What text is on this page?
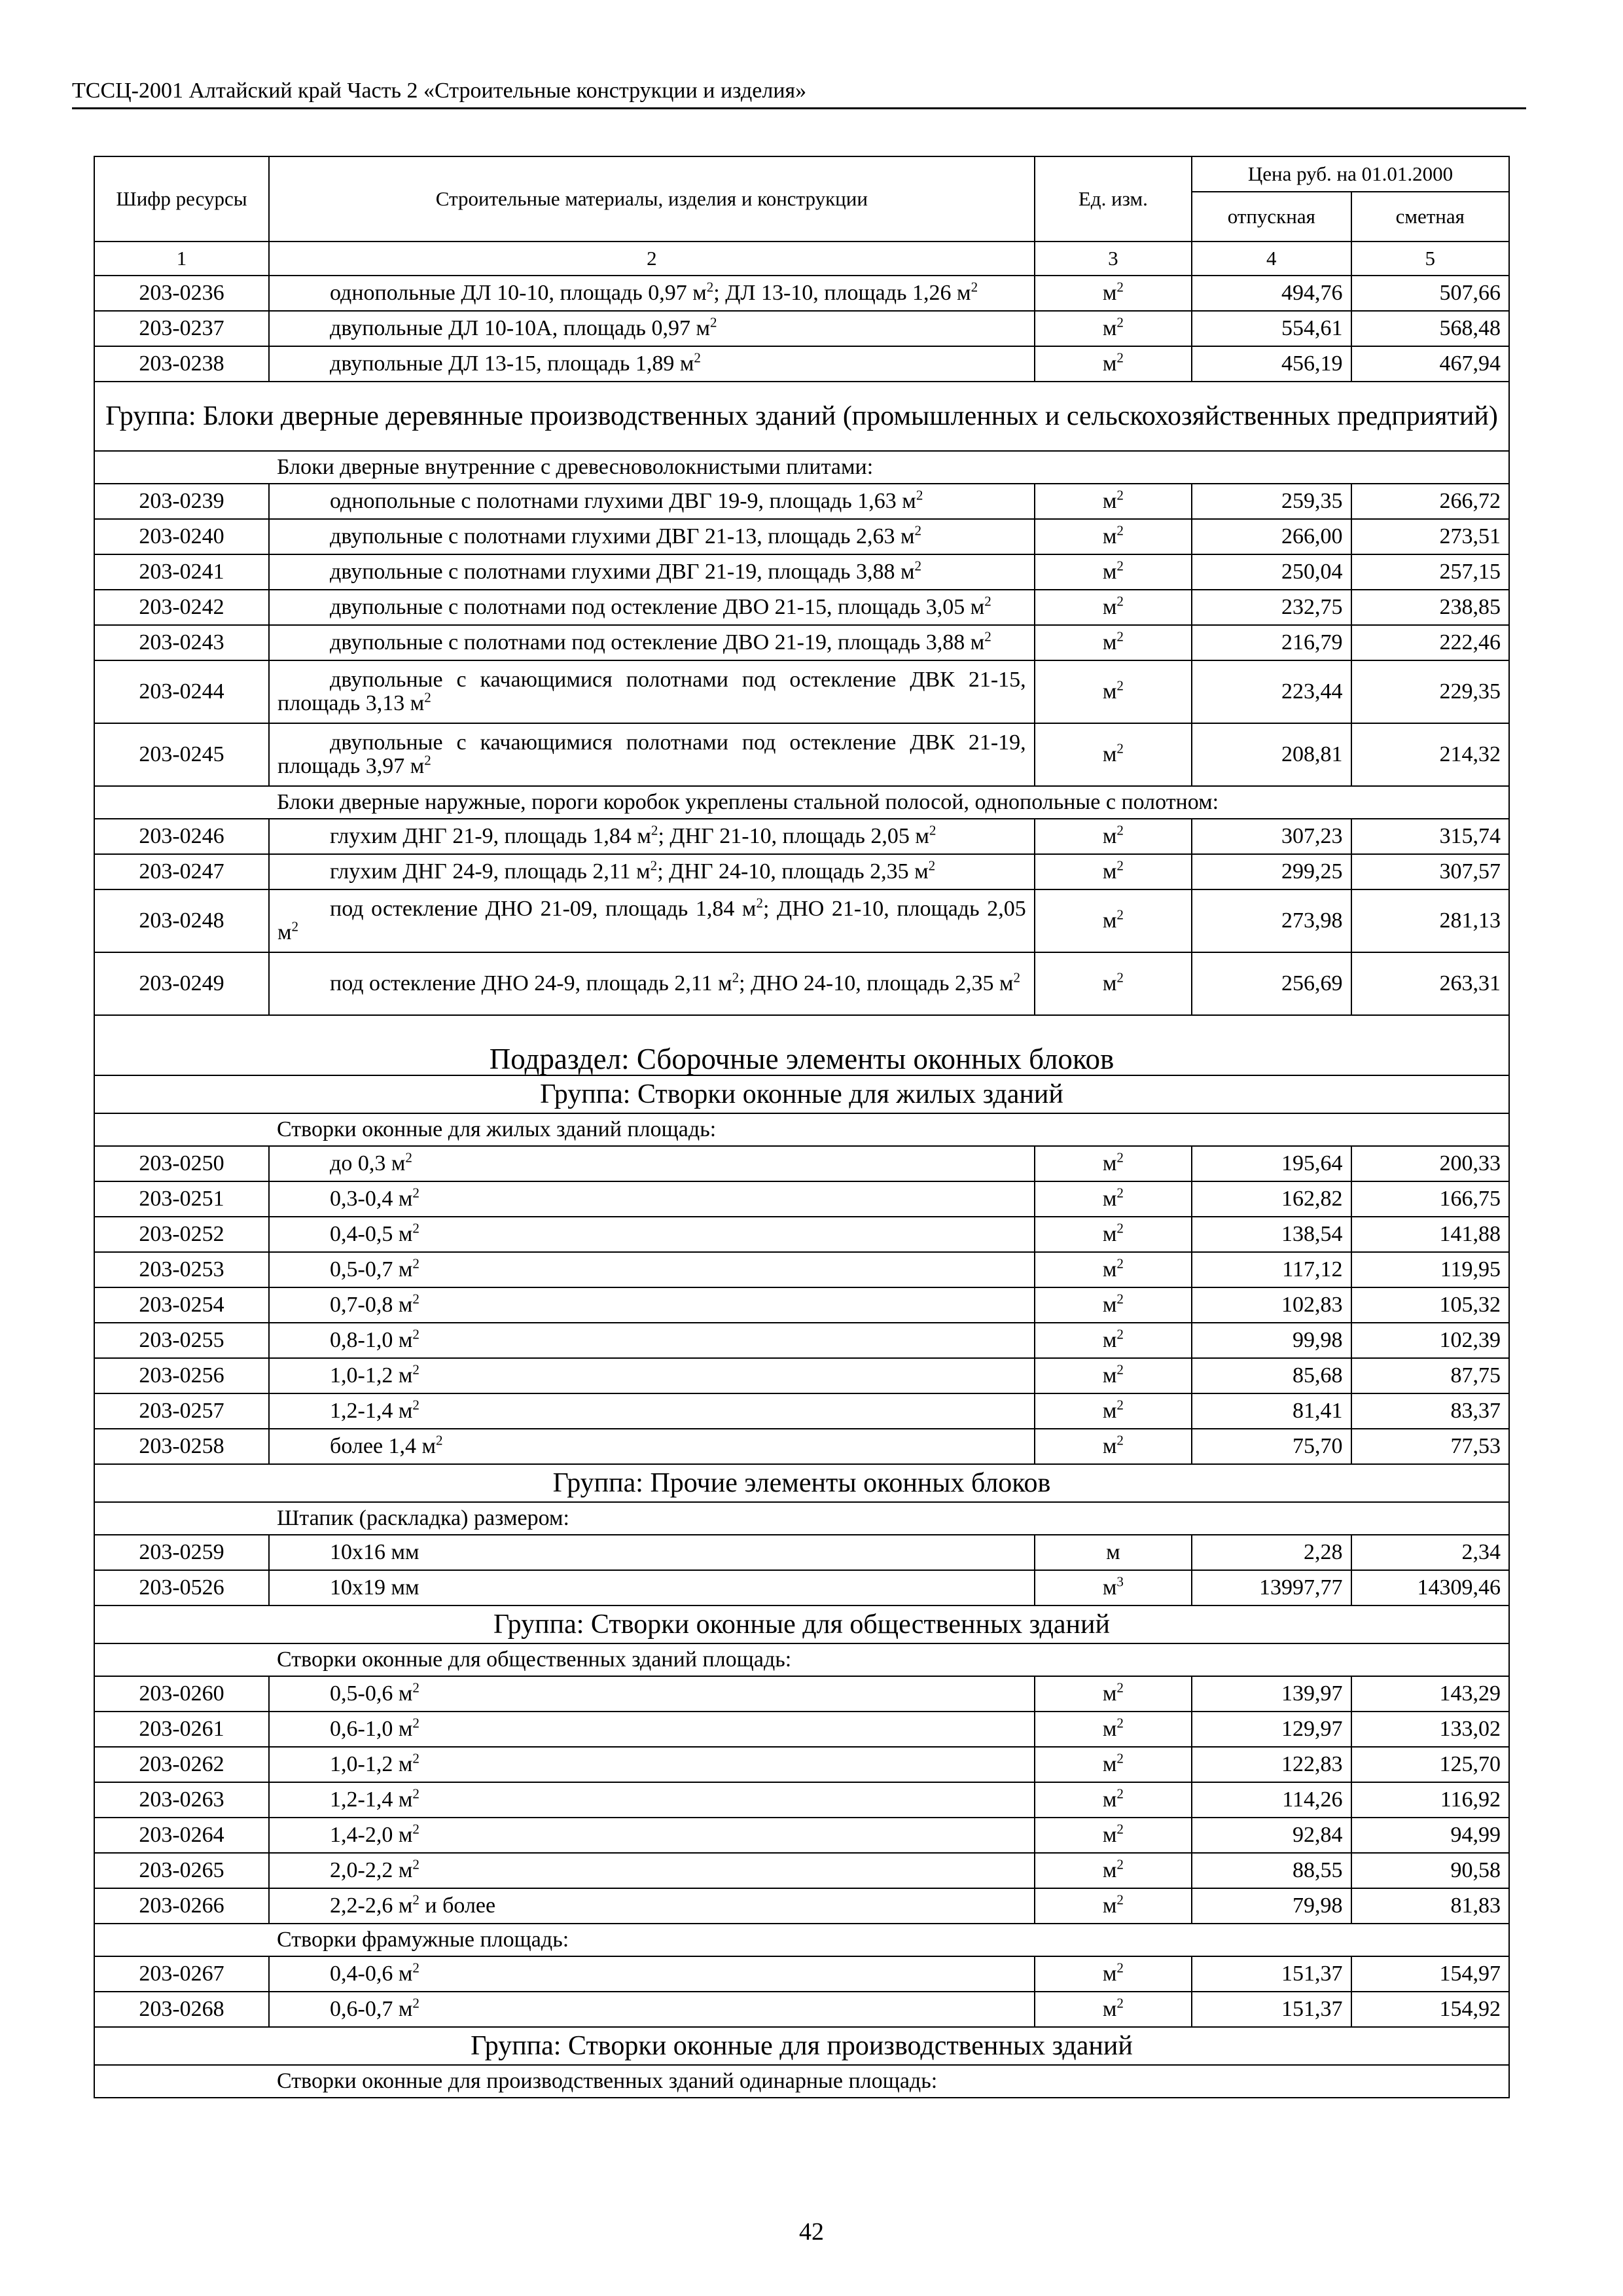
ТССЦ-2001 Алтайский край Часть 2 «Строительные конструкции и изделия»
Шифр ресурсы	Строительные материалы, изделия и конструкции	Ед. изм.	Цена руб. на 01.01.2000	
			отпускная	сметная
1	2	3	4	5
203-0236	однопольные ДЛ 10-10, площадь 0,97 $м^2$; ДЛ 13-10, площадь 1,26 $м^2$	$м^2$	494,76	507,66
203-0237	двупольные ДЛ 10-10А, площадь 0,97 $м^2$	$м^2$	554,61	568,48
203-0238	двупольные ДЛ 13-15, площадь 1,89 $м^2$	$м^2$	456,19	467,94
Группа: Блоки дверные деревянные производственных зданий (промышленных и сельскохозяйственных предприятий)				
	Блоки дверные внутренние с древесноволокнистыми плитами:			
203-0239	однопольные с полотнами глухими ДВГ 19-9, площадь 1,63 $м^2$	$м^2$	259,35	266,72
203-0240	двупольные с полотнами глухими ДВГ 21-13, площадь 2,63 $м^2$	$м^2$	266,00	273,51
203-0241	двупольные с полотнами глухими ДВГ 21-19, площадь 3,88 $м^2$	$м^2$	250,04	257,15
203-0242	двупольные с полотнами под остекление ДВО 21-15, площадь 3,05 $м^2$	$м^2$	232,75	238,85
203-0243	двупольные с полотнами под остекление ДВО 21-19, площадь 3,88 $м^2$	$м^2$	216,79	222,46
203-0244	двупольные с качающимися полотнами под остекление ДВК 21-15, площадь 3,13 $м^2$	$м^2$	223,44	229,35
203-0245	двупольные с качающимися полотнами под остекление ДВК 21-19, площадь 3,97 $м^2$	$м^2$	208,81	214,32
	Блоки дверные наружные, пороги коробок укреплены стальной полосой, однопольные с полотном:			
203-0246	глухим ДНГ 21-9, площадь 1,84 $м^2$; ДНГ 21-10, площадь 2,05 $м^2$	$м^2$	307,23	315,74
203-0247	глухим ДНГ 24-9, площадь 2,11 $м^2$; ДНГ 24-10, площадь 2,35 $м^2$	$м^2$	299,25	307,57
203-0248	под остекление ДНО 21-09, площадь 1,84 $м^2$; ДНО 21-10, площадь 2,05 $м^2$	$м^2$	273,98	281,13
203-0249	под остекление ДНО 24-9, площадь 2,11 $м^2$; ДНО 24-10, площадь 2,35 $м^2$	$м^2$	256,69	263,31
Подраздел: Сборочные элементы оконных блоков				
Группа: Створки оконные для жилых зданий				
	Створки оконные для жилых зданий площадь:			
203-0250	до 0,3 $м^2$	$м^2$	195,64	200,33
203-0251	0,3-0,4 $м^2$	$м^2$	162,82	166,75
203-0252	0,4-0,5 $м^2$	$м^2$	138,54	141,88
203-0253	0,5-0,7 $м^2$	$м^2$	117,12	119,95
203-0254	0,7-0,8 $м^2$	$м^2$	102,83	105,32
203-0255	0,8-1,0 $м^2$	$м^2$	99,98	102,39
203-0256	1,0-1,2 $м^2$	$м^2$	85,68	87,75
203-0257	1,2-1,4 $м^2$	$м^2$	81,41	83,37
203-0258	более 1,4 $м^2$	$м^2$	75,70	77,53
Группа: Прочие элементы оконных блоков				
	Штапик (раскладка) размером:			
203-0259	10х16 мм	м	2,28	2,34
203-0526	10х19 мм	$м^3$	13997,77	14309,46
Группа: Створки оконные для общественных зданий				
	Створки оконные для общественных зданий площадь:			
203-0260	0,5-0,6 $м^2$	$м^2$	139,97	143,29
203-0261	0,6-1,0 $м^2$	$м^2$	129,97	133,02
203-0262	1,0-1,2 $м^2$	$м^2$	122,83	125,70
203-0263	1,2-1,4 $м^2$	$м^2$	114,26	116,92
203-0264	1,4-2,0 $м^2$	$м^2$	92,84	94,99
203-0265	2,0-2,2 $м^2$	$м^2$	88,55	90,58
203-0266	2,2-2,6 $м^2$ и более	$м^2$	79,98	81,83
	Створки фрамужные площадь:			
203-0267	0,4-0,6 $м^2$	$м^2$	151,37	154,97
203-0268	0,6-0,7 $м^2$	$м^2$	151,37	154,92
Группа: Створки оконные для производственных зданий				
	Створки оконные для производственных зданий одинарные площадь:			
42
